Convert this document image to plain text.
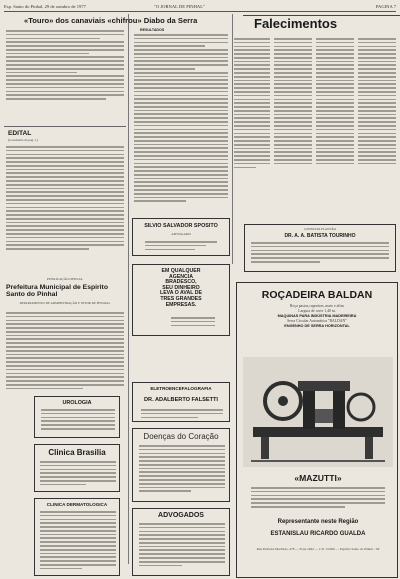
Esp. Santo do Pinhal, 29 de outubro de 1977	"O JORNAL DE PINHAL"	PAGINA 7
«Touro» dos canaviais «chifrou» Diabo da Serra
RESULTADOS
EDITAL
(Conclusão da pag. 1)
Falecimentos
SILVIO SALVADOR SPOSITO
ADVOGADO
CONSULTA PLANTÃO
DR. A. A. BATISTA TOURINHO
PUBLICAÇÃO OFICIAL
Prefeitura Municipal de Espirito Santo do Pinhal
DEPARTAMENTO DE ADMINISTRAÇÃO E SETOR DE PESSOAL
EM QUALQUER
AGENCIA
BRADESCO,
SEU DINHEIRO
LEVA O AVAL DE
TRES GRANDES
EMPRESAS.
ROÇADEIRA BALDAN
Roça pastos,capoeiras, mato e afins
Largura de corte 1,40 m.
MAQUINAS PARA INDÚSTRIA MADEIREIRA
Serra Circular Automática "BALDAN"
ENGENHO DE SERRA HORIZONTAL
«MAZUTTI»
Representante neste Região
ESTANISLAU RICARDO GUALDA
Rua Pedreira Machado, 478 — Fone 2042 — C.P. 13.990 — Espirito Santo do Pinhal - SP
UROLOGIA
ELETROENCEFALOGRAFIA
DR. ADALBERTO FALSETTI
Clinica Brasilia
Doenças do Coração
CLINICA DERMATOLOGICA
ADVOGADOS
